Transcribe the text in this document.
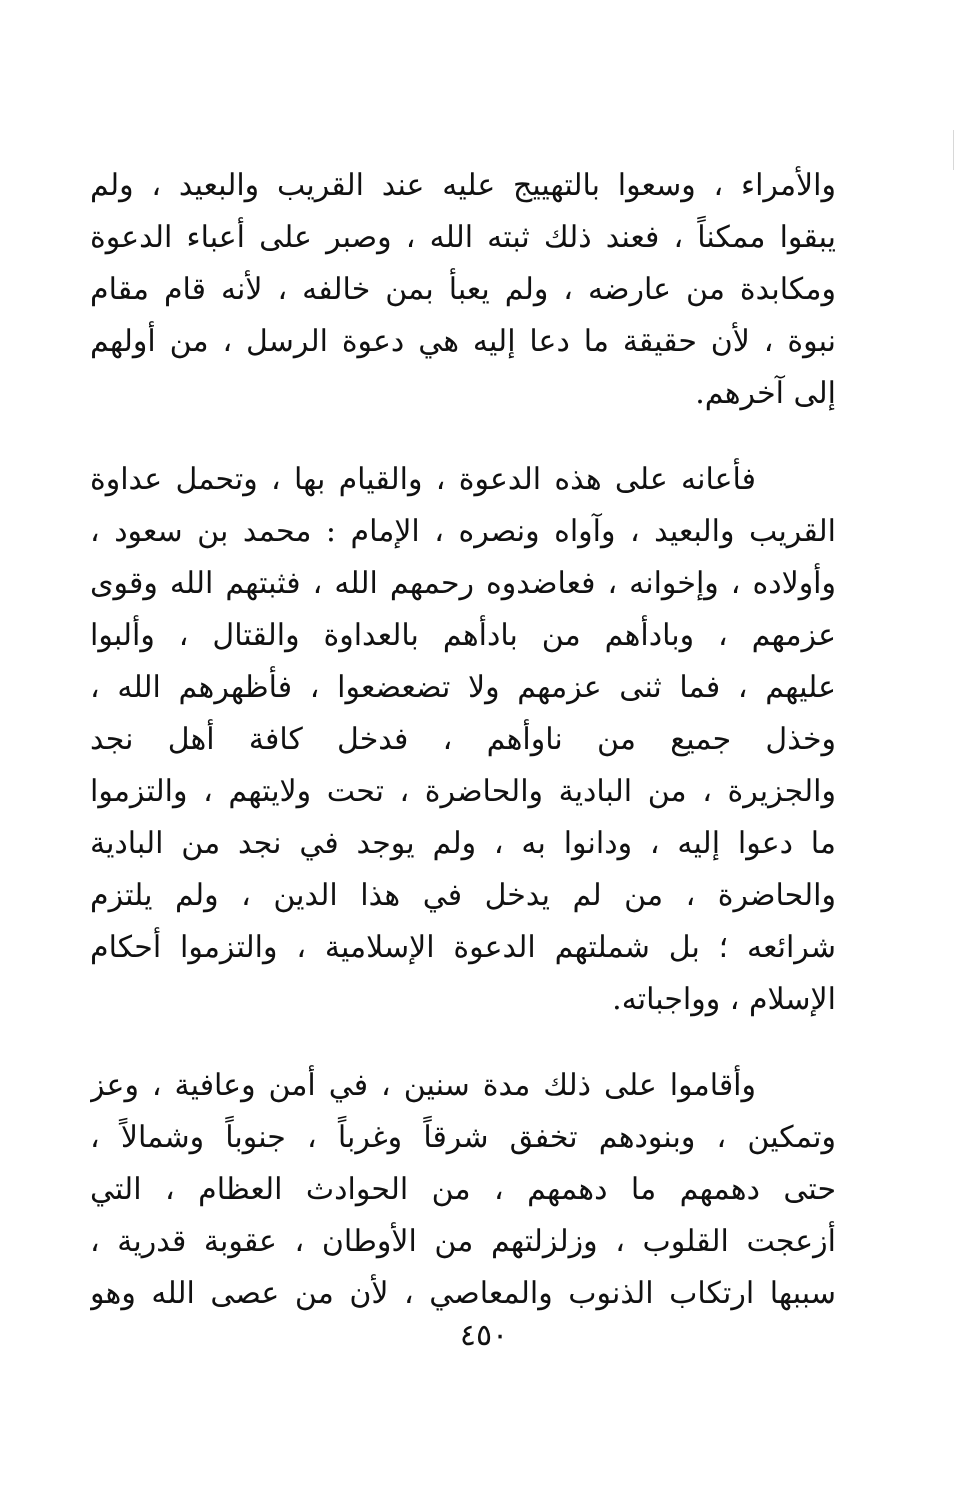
والأمراء ، وسعوا بالتهييج عليه عند القريب والبعيد ، ولم
يبقوا ممكناً ، فعند ذلك ثبته الله ، وصبر على أعباء الدعوة
ومكابدة من عارضه ، ولم يعبأ بمن خالفه ، لأنه قام مقام
نبوة ، لأن حقيقة ما دعا إليه هي دعوة الرسل ، من أولهم
إلى آخرهم.
فأعانه على هذه الدعوة ، والقيام بها ، وتحمل عداوة
القريب والبعيد ، وآواه ونصره ، الإمام : محمد بن سعود ،
وأولاده ، وإخوانه ، فعاضدوه رحمهم الله ، فثبتهم الله وقوى
عزمهم ، وبادأهم من بادأهم بالعداوة والقتال ، وألبوا
عليهم ، فما ثنى عزمهم ولا تضعضعوا ، فأظهرهم الله ،
وخذل جميع من ناوأهم ، فدخل كافة أهل نجد
والجزيرة ، من البادية والحاضرة ، تحت ولايتهم ، والتزموا
ما دعوا إليه ، ودانوا به ، ولم يوجد في نجد من البادية
والحاضرة ، من لم يدخل في هذا الدين ، ولم يلتزم
شرائعه ؛ بل شملتهم الدعوة الإسلامية ، والتزموا أحكام
الإسلام ، وواجباته.
وأقاموا على ذلك مدة سنين ، في أمن وعافية ، وعز
وتمكين ، وبنودهم تخفق شرقاً وغرباً ، جنوباً وشمالاً ،
حتى دهمهم ما دهمهم ، من الحوادث العظام ، التي
أزعجت القلوب ، وزلزلتهم من الأوطان ، عقوبة قدرية ،
سببها ارتكاب الذنوب والمعاصي ، لأن من عصى الله وهو
٤٥٠
